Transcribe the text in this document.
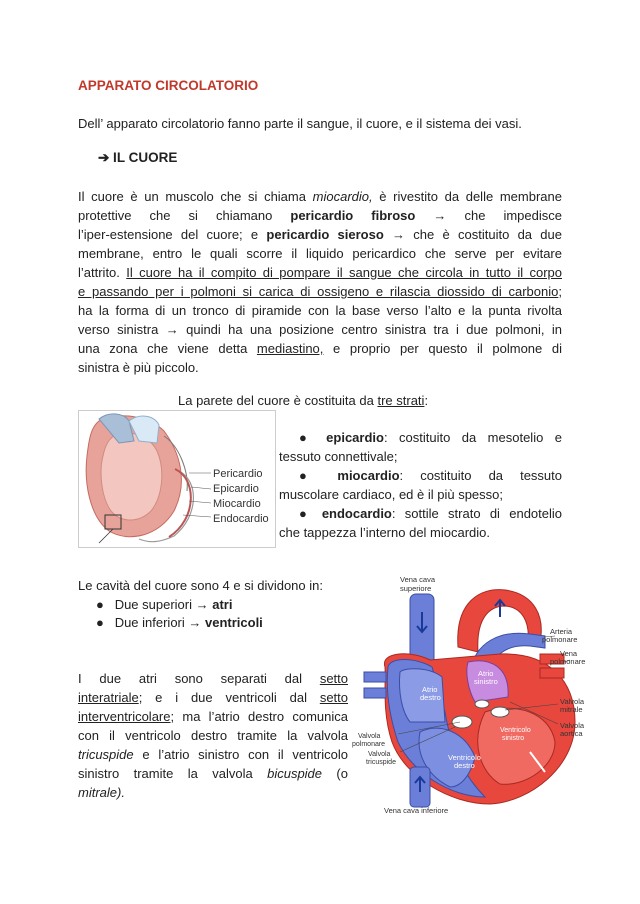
APPARATO CIRCOLATORIO
Dell’ apparato circolatorio fanno parte il sangue, il cuore, e il sistema dei vasi.
➔ IL CUORE
Il cuore è un muscolo che si chiama miocardio, è rivestito da delle membrane
protettive che si chiamano pericardio fibroso → che impedisce
l’iper-estensione del cuore; e pericardio sieroso → che è costituito da due
membrane, entro le quali scorre il liquido pericardico che serve per evitare
l’attrito. Il cuore ha il compito di pompare il sangue che circola in tutto il corpo
e passando per i polmoni si carica di ossigeno e rilascia diossido di carbonio;
ha la forma di un tronco di piramide con la base verso l’alto e la punta rivolta
verso sinistra → quindi ha una posizione centro sinistra tra i due polmoni, in
una zona che viene detta mediastino, e proprio per questo il polmone di
sinistra è più piccolo.
La parete del cuore è costituita da tre strati:
Pericardio
Epicardio
Miocardio
Endocardio
● epicardio: costituito da mesotelio e
tessuto connettivale;
● miocardio: costituito da tessuto
muscolare cardiaco, ed è il più spesso;
● endocardio: sottile strato di endotelio
che tappezza l’interno del miocardio.
Le cavità del cuore sono 4 e si dividono in:
●   Due superiori → atri
●   Due inferiori → ventricoli
I due atri sono separati dal setto
interatriale; e i due ventricoli dal setto
interventricolare; ma l’atrio destro comunica
con il ventricolo destro tramite la valvola
tricuspide e l’atrio sinistro con il ventricolo
sinistro tramite la valvola bicuspide (o
mitrale).
Vena cava
superiore
Aorta
Arteria
polmonare
Vena
polmonare
Atrio
sinistro
Atrio
destro	Valvola
mitrale
Valvola
aortica
Ventricolo
sinistro
Ventricolo
destro
Valvola
polmonare
Valvola
tricuspide
Vena cava inferiore
